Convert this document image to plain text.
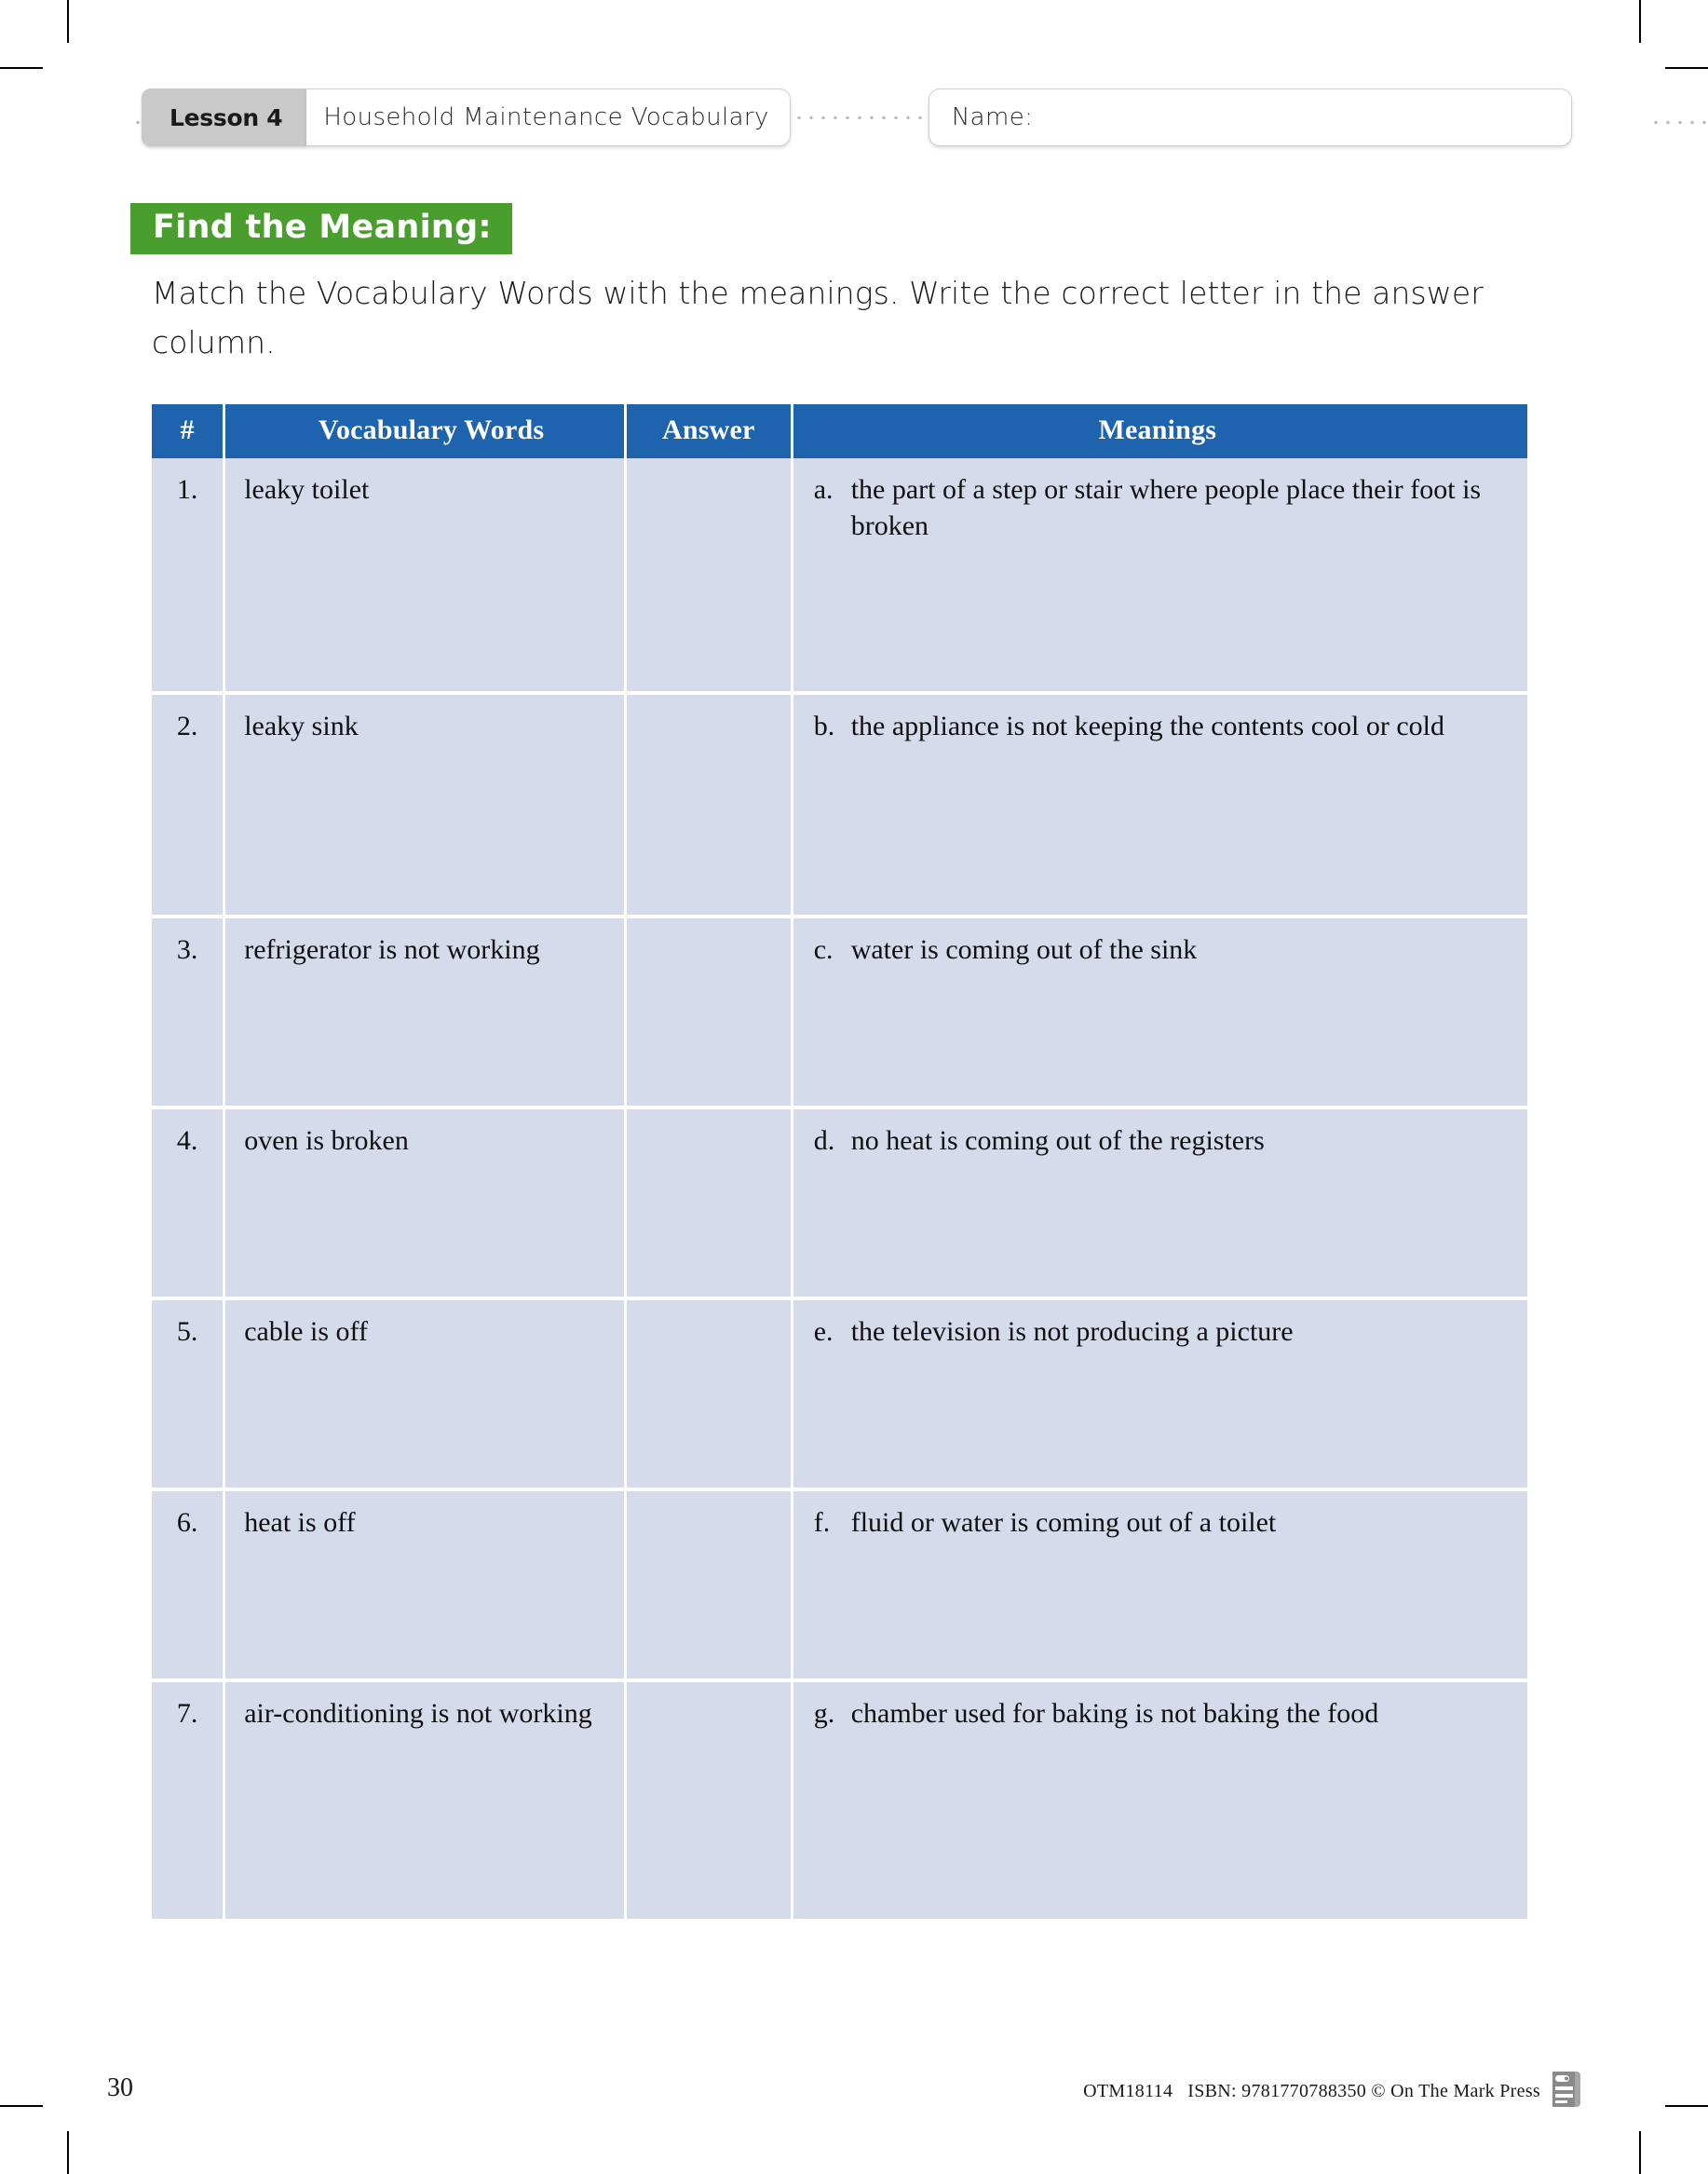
Lesson 4 Household Maintenance Vocabulary	Name:
Find the Meaning:
Match the Vocabulary Words with the meanings. Write the correct letter in the answer column.
#	Vocabulary Words	Answer	Meanings
1.	leaky toilet		a. the part of a step or stair where people place their foot is broken

2.	leaky sink		b. the appliance is not keeping the contents cool or cold

3.	refrigerator is not working		c. water is coming out of the sink

4.	oven is broken		d. no heat is coming out of the registers

5.	cable is off		e. the television is not producing a picture

6.	heat is off		f. fluid or water is coming out of a toilet

7.	air-conditioning is not working		g. chamber used for baking is not baking the food
30	OTM18114 ISBN: 9781770788350 © On The Mark Press
